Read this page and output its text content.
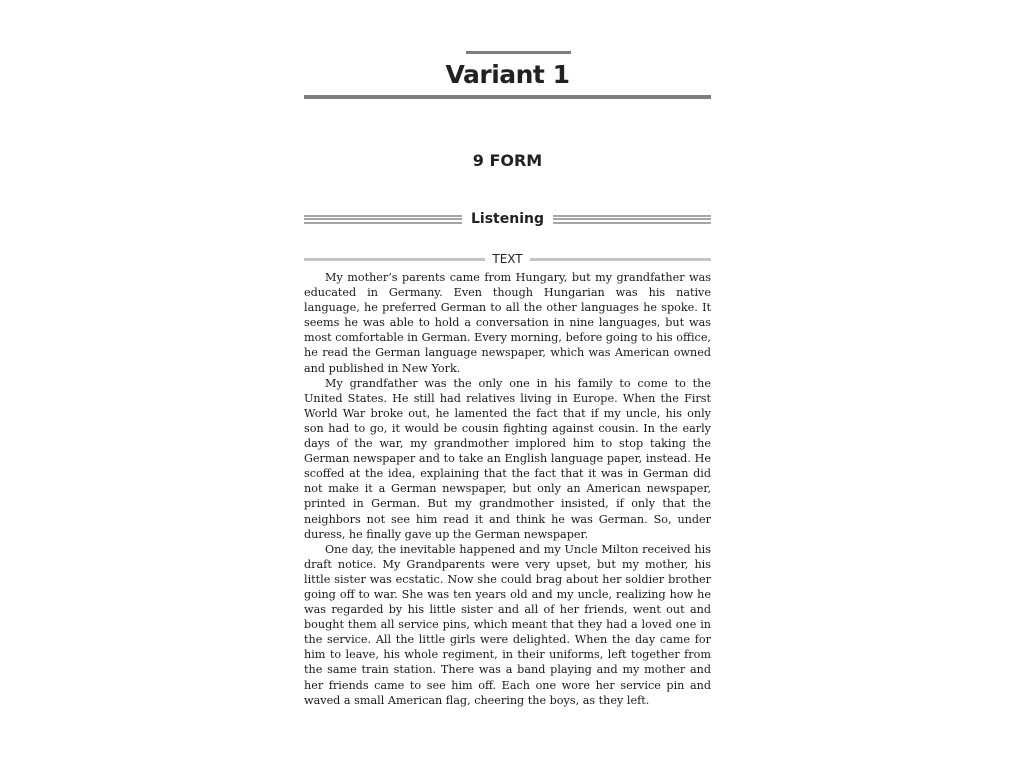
Variant 1
9 FORM
Listening
TEXT

My mother’s parents came from Hungary, but my grandfather was educated in Germany. Even though Hungarian was his native language, he preferred German to all the other languages he spoke. It seems he was able to hold a conversation in nine languages, but was most comfortable in German. Every morning, before going to his office, he read the German language newspaper, which was American owned and published in New York.

My grandfather was the only one in his family to come to the United States. He still had relatives living in Europe. When the First World War broke out, he lamented the fact that if my uncle, his only son had to go, it would be cousin fighting against cousin. In the early days of the war, my grandmother implored him to stop taking the German newspaper and to take an English language paper, instead. He scoffed at the idea, explaining that the fact that it was in German did not make it a German newspaper, but only an American newspaper, printed in German. But my grandmother insisted, if only that the neighbors not see him read it and think he was German. So, under duress, he finally gave up the German newspaper.

One day, the inevitable happened and my Uncle Milton received his draft notice. My Grandparents were very upset, but my mother, his little sister was ecstatic. Now she could brag about her soldier brother going off to war. She was ten years old and my uncle, realizing how he was regarded by his little sister and all of her friends, went out and bought them all service pins, which meant that they had a loved one in the service. All the little girls were delighted. When the day came for him to leave, his whole regiment, in their uniforms, left together from the same train station. There was a band playing and my mother and her friends came to see him off. Each one wore her service pin and waved a small American flag, cheering the boys, as they left.
